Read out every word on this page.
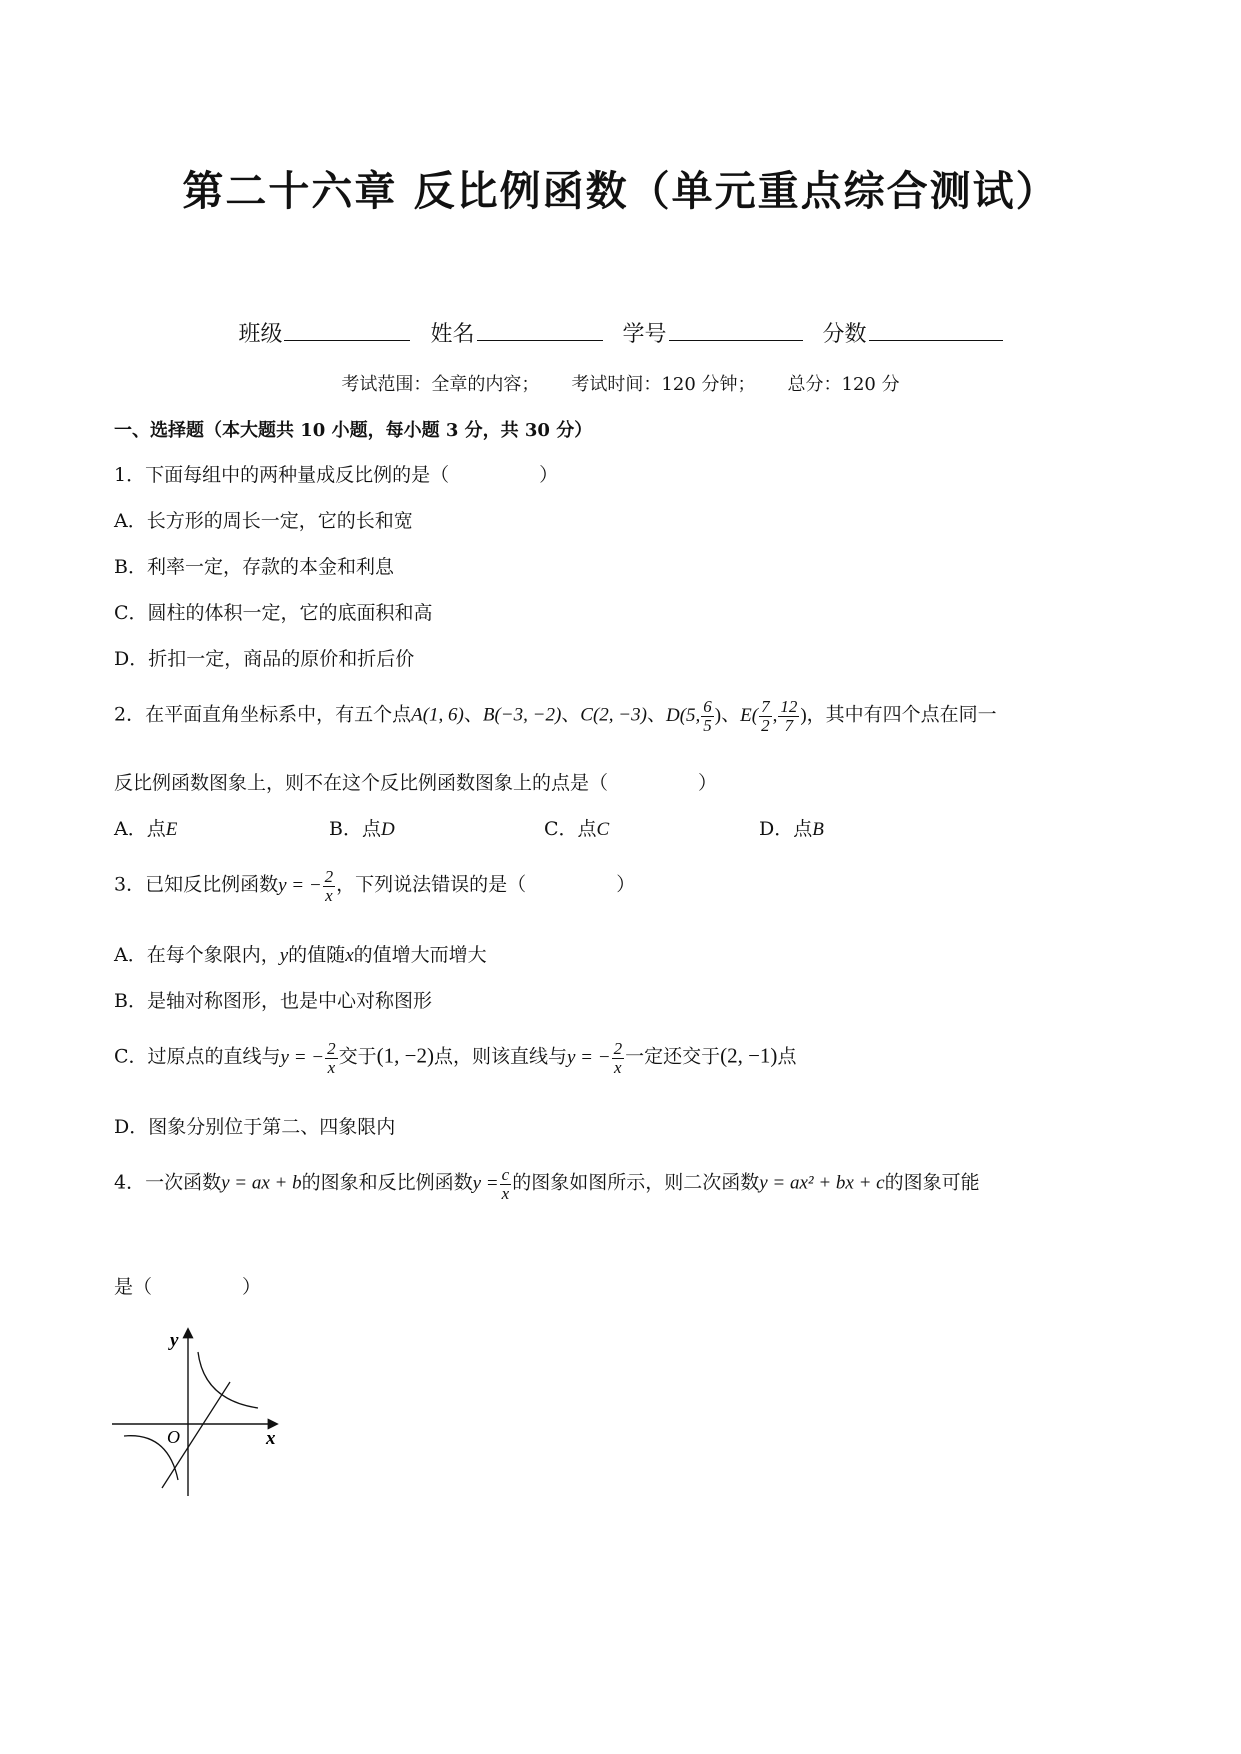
第二十六章 反比例函数（单元重点综合测试）
班级	姓名	学号	分数
考试范围：全章的内容； 考试时间：120 分钟； 总分：120 分
一、选择题（本大题共 10 小题，每小题 3 分，共 30 分）
1．下面每组中的两种量成反比例的是（	）
A．长方形的周长一定，它的长和宽
B．利率一定，存款的本金和利息
C．圆柱的体积一定，它的底面积和高
D．折扣一定，商品的原价和折后价
2．在平面直角坐标系中，有五个点A(1, 6)、B(−3, −2)、C(2, −3)、D(5, $\frac{6}{5}$ )、$E( \frac{7}{2}$ , $\frac{12}{7}$ )，其中有四个点在同一
反比例函数图象上，则不在这个反比例函数图象上的点是（	）
A．点E	B．点D	C．点C	D．点B
3．已知反比例函数y = − $\frac{2}{x}$ ，下列说法错误的是（	）
A．在每个象限内，y的值随x的值增大而增大
B．是轴对称图形，也是中心对称图形
C．过原点的直线与y = − $\frac{2}{x}$ 交于(1, −2)点，则该直线与y = − $\frac{2}{x}$ 一定还交于(2, −1)点
D．图象分别位于第二、四象限内
4．一次函数y = ax + b的图象和反比例函数$y = \frac{c}{x}$ 的图象如图所示，则二次函数y = ax² + bx + c的图象可能
是（	）
y
x
O
